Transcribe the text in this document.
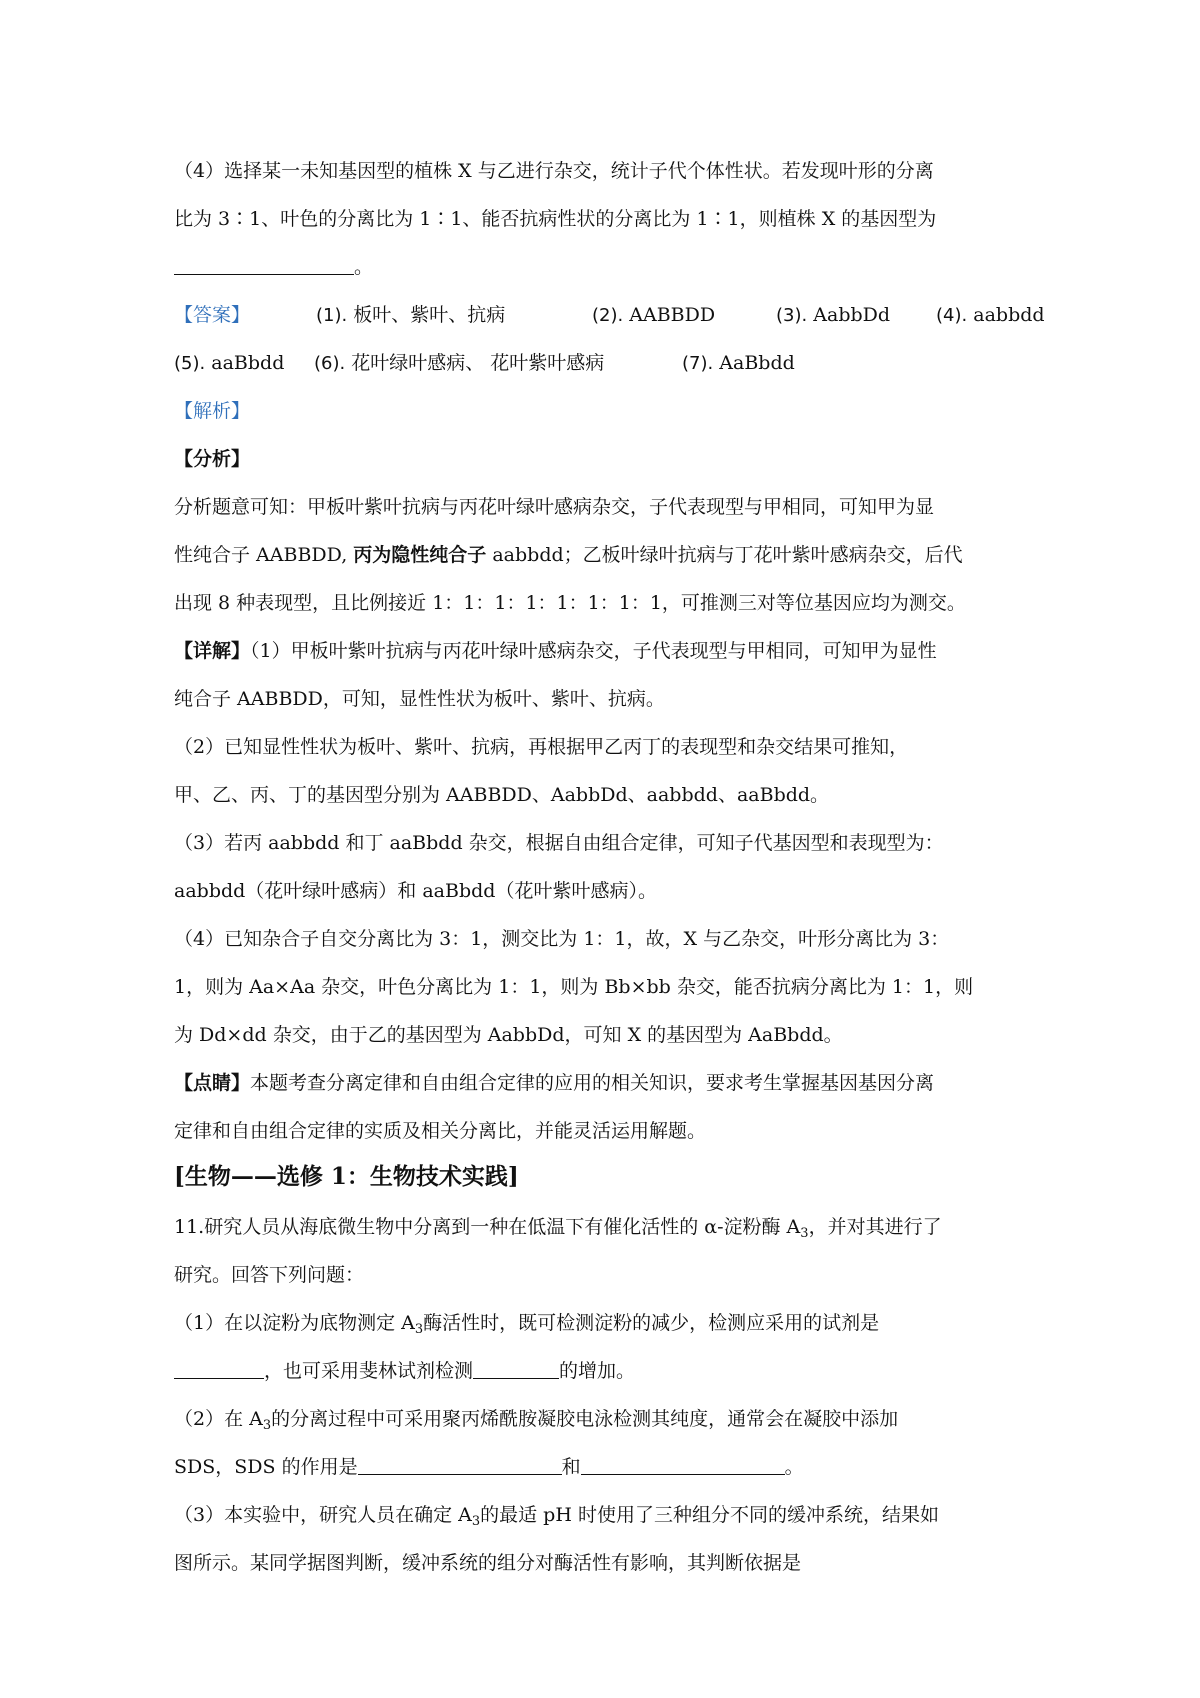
（4）选择某一未知基因型的植株 X 与乙进行杂交，统计子代个体性状。若发现叶形的分离
比为 3∶1、叶色的分离比为 1∶1、能否抗病性状的分离比为 1∶1，则植株 X 的基因型为
。
【答案】	(1). 板叶、紫叶、抗病	(2). AABBDD	(3). AabbDd	(4). aabbdd
(5). aaBbdd (6). 花叶绿叶感病、 花叶紫叶感病	(7). AaBbdd
【解析】
【分析】
分析题意可知：甲板叶紫叶抗病与丙花叶绿叶感病杂交，子代表现型与甲相同，可知甲为显
性纯合子 AABBDD, 丙为隐性纯合子 aabbdd；乙板叶绿叶抗病与丁花叶紫叶感病杂交，后代
出现 8 种表现型，且比例接近 1：1：1：1：1：1：1：1，可推测三对等位基因应均为测交。
【详解】（1）甲板叶紫叶抗病与丙花叶绿叶感病杂交，子代表现型与甲相同，可知甲为显性
纯合子 AABBDD，可知，显性性状为板叶、紫叶、抗病。
（2）已知显性性状为板叶、紫叶、抗病，再根据甲乙丙丁的表现型和杂交结果可推知，
甲、乙、丙、丁的基因型分别为 AABBDD、AabbDd、aabbdd、aaBbdd。
（3）若丙 aabbdd 和丁 aaBbdd 杂交，根据自由组合定律，可知子代基因型和表现型为：
aabbdd（花叶绿叶感病）和 aaBbdd（花叶紫叶感病）。
（4）已知杂合子自交分离比为 3：1，测交比为 1：1，故，X 与乙杂交，叶形分离比为 3：
1，则为 Aa×Aa 杂交，叶色分离比为 1：1，则为 Bb×bb 杂交，能否抗病分离比为 1：1，则
为 Dd×dd 杂交，由于乙的基因型为 AabbDd，可知 X 的基因型为 AaBbdd。
【点睛】本题考查分离定律和自由组合定律的应用的相关知识，要求考生掌握基因基因分离
定律和自由组合定律的实质及相关分离比，并能灵活运用解题。
[生物——选修 1：生物技术实践]
11.研究人员从海底微生物中分离到一种在低温下有催化活性的 α-淀粉酶 $A_3$，并对其进行了
研究。回答下列问题：
（1）在以淀粉为底物测定 $A_3$酶活性时，既可检测淀粉的减少，检测应采用的试剂是
，也可采用斐林试剂检测	的增加。
（2）在 $A_3$的分离过程中可采用聚丙烯酰胺凝胶电泳检测其纯度，通常会在凝胶中添加
SDS，SDS 的作用是	和	。
（3）本实验中，研究人员在确定 $A_3$的最适 pH 时使用了三种组分不同的缓冲系统，结果如
图所示。某同学据图判断，缓冲系统的组分对酶活性有影响，其判断依据是
